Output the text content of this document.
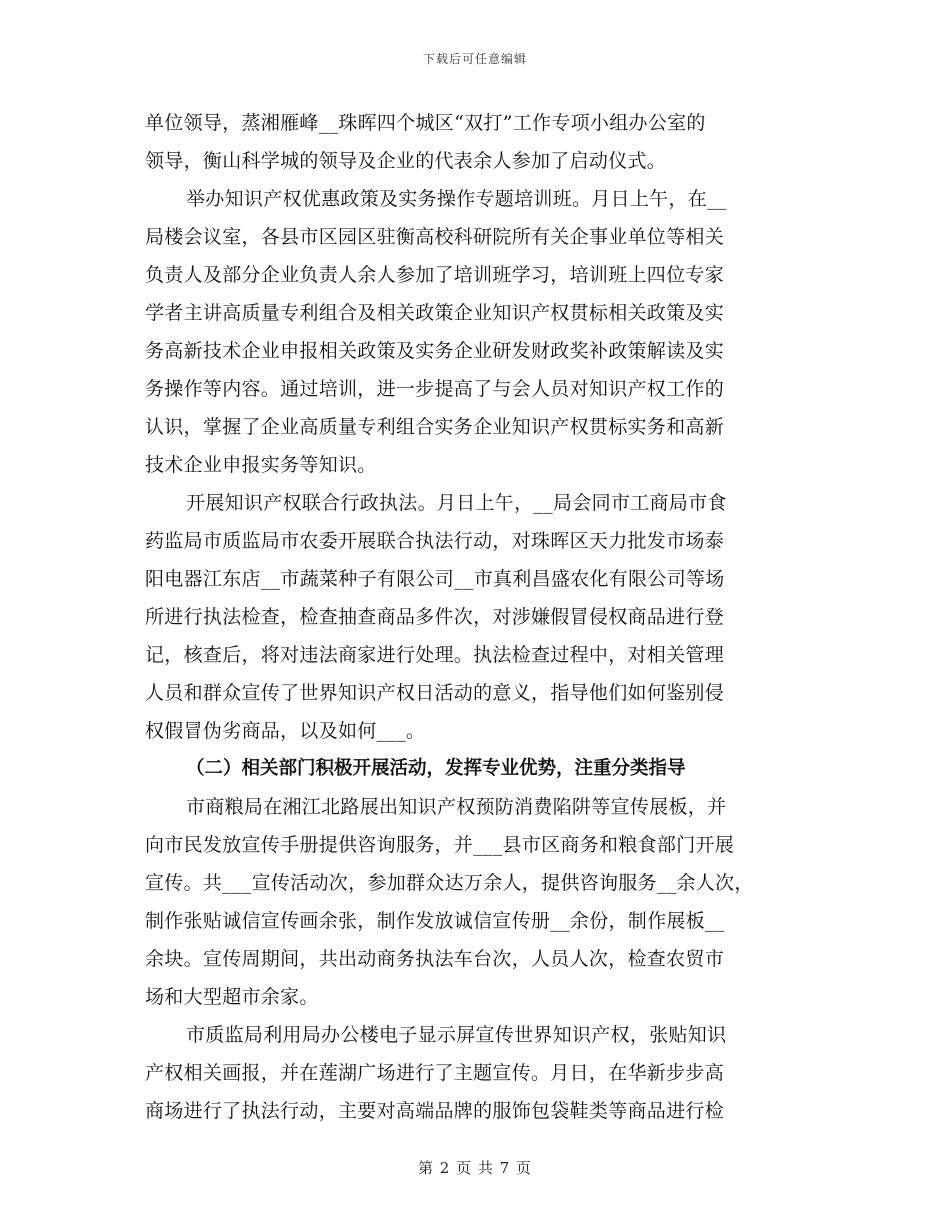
下载后可任意编辑
单位领导，蒸湘雁峰__珠晖四个城区“双打”工作专项小组办公室的
领导，衡山科学城的领导及企业的代表余人参加了启动仪式。
举办知识产权优惠政策及实务操作专题培训班。月日上午，在__
局楼会议室，各县市区园区驻衡高校科研院所有关企事业单位等相关
负责人及部分企业负责人余人参加了培训班学习，培训班上四位专家
学者主讲高质量专利组合及相关政策企业知识产权贯标相关政策及实
务高新技术企业申报相关政策及实务企业研发财政奖补政策解读及实
务操作等内容。通过培训，进一步提高了与会人员对知识产权工作的
认识，掌握了企业高质量专利组合实务企业知识产权贯标实务和高新
技术企业申报实务等知识。
开展知识产权联合行政执法。月日上午，__局会同市工商局市食
药监局市质监局市农委开展联合执法行动，对珠晖区天力批发市场泰
阳电器江东店__市蔬菜种子有限公司__市真利昌盛农化有限公司等场
所进行执法检查，检查抽查商品多件次，对涉嫌假冒侵权商品进行登
记，核查后，将对违法商家进行处理。执法检查过程中，对相关管理
人员和群众宣传了世界知识产权日活动的意义，指导他们如何鉴别侵
权假冒伪劣商品，以及如何___。
（二）相关部门积极开展活动，发挥专业优势，注重分类指导
市商粮局在湘江北路展出知识产权预防消费陷阱等宣传展板，并
向市民发放宣传手册提供咨询服务，并___县市区商务和粮食部门开展
宣传。共___宣传活动次，参加群众达万余人，提供咨询服务__余人次，
制作张贴诚信宣传画余张，制作发放诚信宣传册__余份，制作展板__
余块。宣传周期间，共出动商务执法车台次，人员人次，检查农贸市
场和大型超市余家。
市质监局利用局办公楼电子显示屏宣传世界知识产权，张贴知识
产权相关画报，并在莲湖广场进行了主题宣传。月日，在华新步步高
商场进行了执法行动，主要对高端品牌的服饰包袋鞋类等商品进行检
第 2 页 共 7 页
